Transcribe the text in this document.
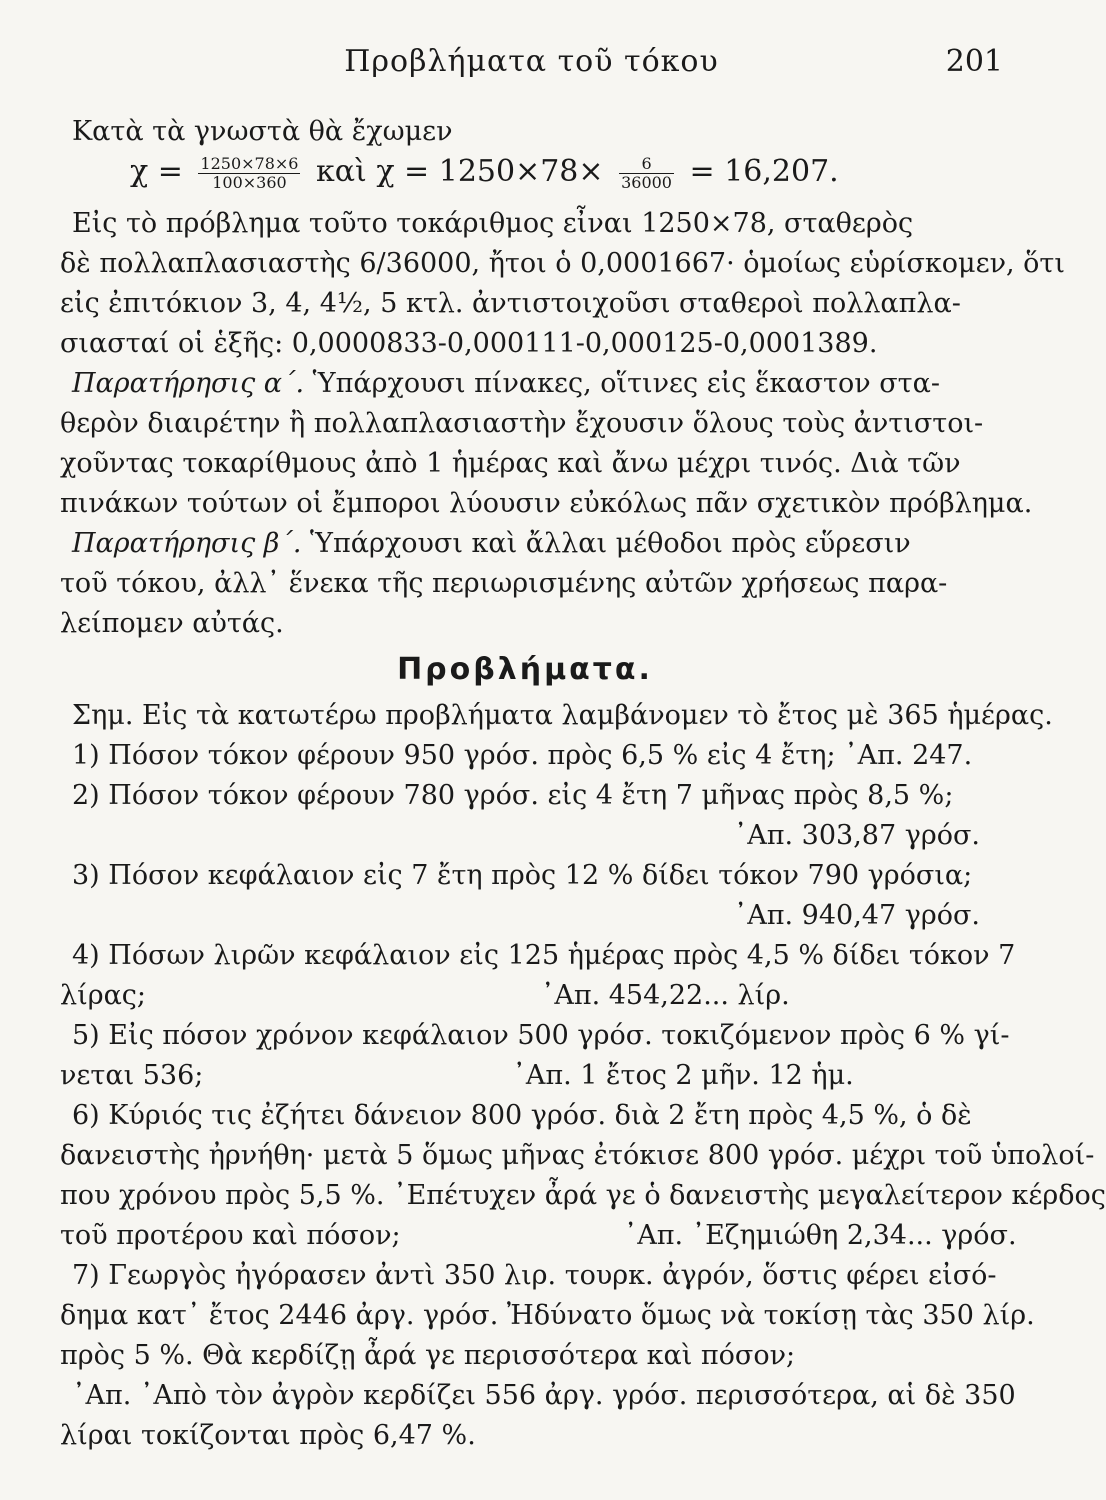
Προβλήματα τοῦ τόκου	201
Κατὰ τὰ γνωστὰ θὰ ἔχωμεν
$\chi = \frac{1250\times 78\times 6}{100\times 360}$ καὶ $\chi = 1250\times 78\times \frac{6}{36000} = 16,207$.
Εἰς τὸ πρόβλημα τοῦτο τοκάριθμος εἶναι 1250×78, σταθερὸς
δὲ πολλαπλασιαστὴς 6/36000, ἤτοι ὁ 0,0001667· ὁμοίως εὑρίσκομεν, ὅτι
εἰς ἐπιτόκιον 3, 4, 4½, 5 κτλ. ἀντιστοιχοῦσι σταθεροὶ πολλαπλα-
σιασταί οἱ ἑξῆς: 0,0000833-0,000111-0,000125-0,0001389.
Παρατήρησις α΄. Ὑπάρχουσι πίνακες, οἵτινες εἰς ἕκαστον στα-
θερὸν διαιρέτην ἢ πολλαπλασιαστὴν ἔχουσιν ὅλους τοὺς ἀντιστοι-
χοῦντας τοκαρίθμους ἀπὸ 1 ἡμέρας καὶ ἄνω μέχρι τινός. Διὰ τῶν
πινάκων τούτων οἱ ἔμποροι λύουσιν εὐκόλως πᾶν σχετικὸν πρόβλημα.
Παρατήρησις β΄. Ὑπάρχουσι καὶ ἄλλαι μέθοδοι πρὸς εὕρεσιν
τοῦ τόκου, ἀλλ᾽ ἕνεκα τῆς περιωρισμένης αὐτῶν χρήσεως παρα-
λείπομεν αὐτάς.
Προβλήματα.
Σημ. Εἰς τὰ κατωτέρω προβλήματα λαμβάνομεν τὸ ἔτος μὲ 365 ἡμέρας.
1) Πόσον τόκον φέρουν 950 γρόσ. πρὸς 6,5 % εἰς 4 ἔτη; ᾽Απ. 247.
2) Πόσον τόκον φέρουν 780 γρόσ. εἰς 4 ἔτη 7 μῆνας πρὸς 8,5 %;
᾽Απ. 303,87 γρόσ.
3) Πόσον κεφάλαιον εἰς 7 ἔτη πρὸς 12 % δίδει τόκον 790 γρόσια;
᾽Απ. 940,47 γρόσ.
4) Πόσων λιρῶν κεφάλαιον εἰς 125 ἡμέρας πρὸς 4,5 % δίδει τόκον 7
λίρας;                                              ᾽Απ. 454,22... λίρ.
5) Εἰς πόσον χρόνον κεφάλαιον 500 γρόσ. τοκιζόμενον πρὸς 6 % γί-
νεται 536;                                    ᾽Απ. 1 ἔτος 2 μῆν. 12 ἡμ.
6) Κύριός τις ἐζήτει δάνειον 800 γρόσ. διὰ 2 ἔτη πρὸς 4,5 %, ὁ δὲ
δανειστὴς ἠρνήθη· μετὰ 5 ὅμως μῆνας ἐτόκισε 800 γρόσ. μέχρι τοῦ ὑπολοί-
που χρόνου πρὸς 5,5 %. ᾽Επέτυχεν ἆρά γε ὁ δανειστὴς μεγαλείτερον κέρδος
τοῦ προτέρου καὶ πόσον;                          ᾽Απ. ᾽Εζημιώθη 2,34... γρόσ.
7) Γεωργὸς ἠγόρασεν ἀντὶ 350 λιρ. τουρκ. ἀγρόν, ὅστις φέρει εἰσό-
δημα κατ᾽ ἔτος 2446 ἀργ. γρόσ. Ἠδύνατο ὅμως νὰ τοκίσῃ τὰς 350 λίρ.
πρὸς 5 %. Θὰ κερδίζῃ ἆρά γε περισσότερα καὶ πόσον;
᾽Απ. ᾽Απὸ τὸν ἀγρὸν κερδίζει 556 ἀργ. γρόσ. περισσότερα, αἱ δὲ 350
λίραι τοκίζονται πρὸς 6,47 %.
